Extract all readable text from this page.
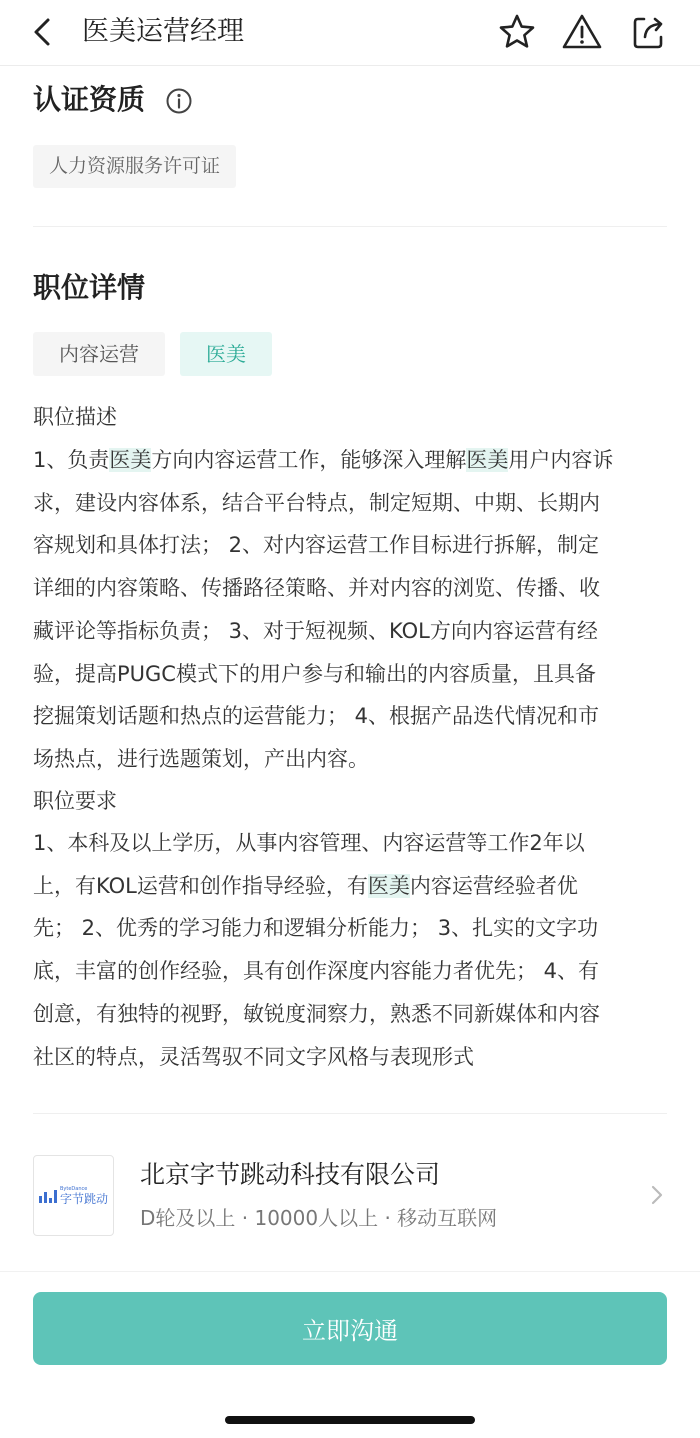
医美运营经理
认证资质
人力资源服务许可证
职位详情
内容运营	医美
职位描述
1、负责医美方向内容运营工作，能够深入理解医美用户内容诉
求，建设内容体系，结合平台特点，制定短期、中期、长期内
容规划和具体打法； 2、对内容运营工作目标进行拆解，制定
详细的内容策略、传播路径策略、并对内容的浏览、传播、收
藏评论等指标负责； 3、对于短视频、KOL方向内容运营有经
验，提高PUGC模式下的用户参与和输出的内容质量，且具备
挖掘策划话题和热点的运营能力； 4、根据产品迭代情况和市
场热点，进行选题策划，产出内容。
职位要求
1、本科及以上学历，从事内容管理、内容运营等工作2年以
上，有KOL运营和创作指导经验，有医美内容运营经验者优
先； 2、优秀的学习能力和逻辑分析能力； 3、扎实的文字功
底，丰富的创作经验，具有创作深度内容能力者优先； 4、有
创意，有独特的视野，敏锐度洞察力，熟悉不同新媒体和内容
社区的特点，灵活驾驭不同文字风格与表现形式
ByteDance
字节跳动
北京字节跳动科技有限公司
D轮及以上 · 10000人以上 · 移动互联网
立即沟通
